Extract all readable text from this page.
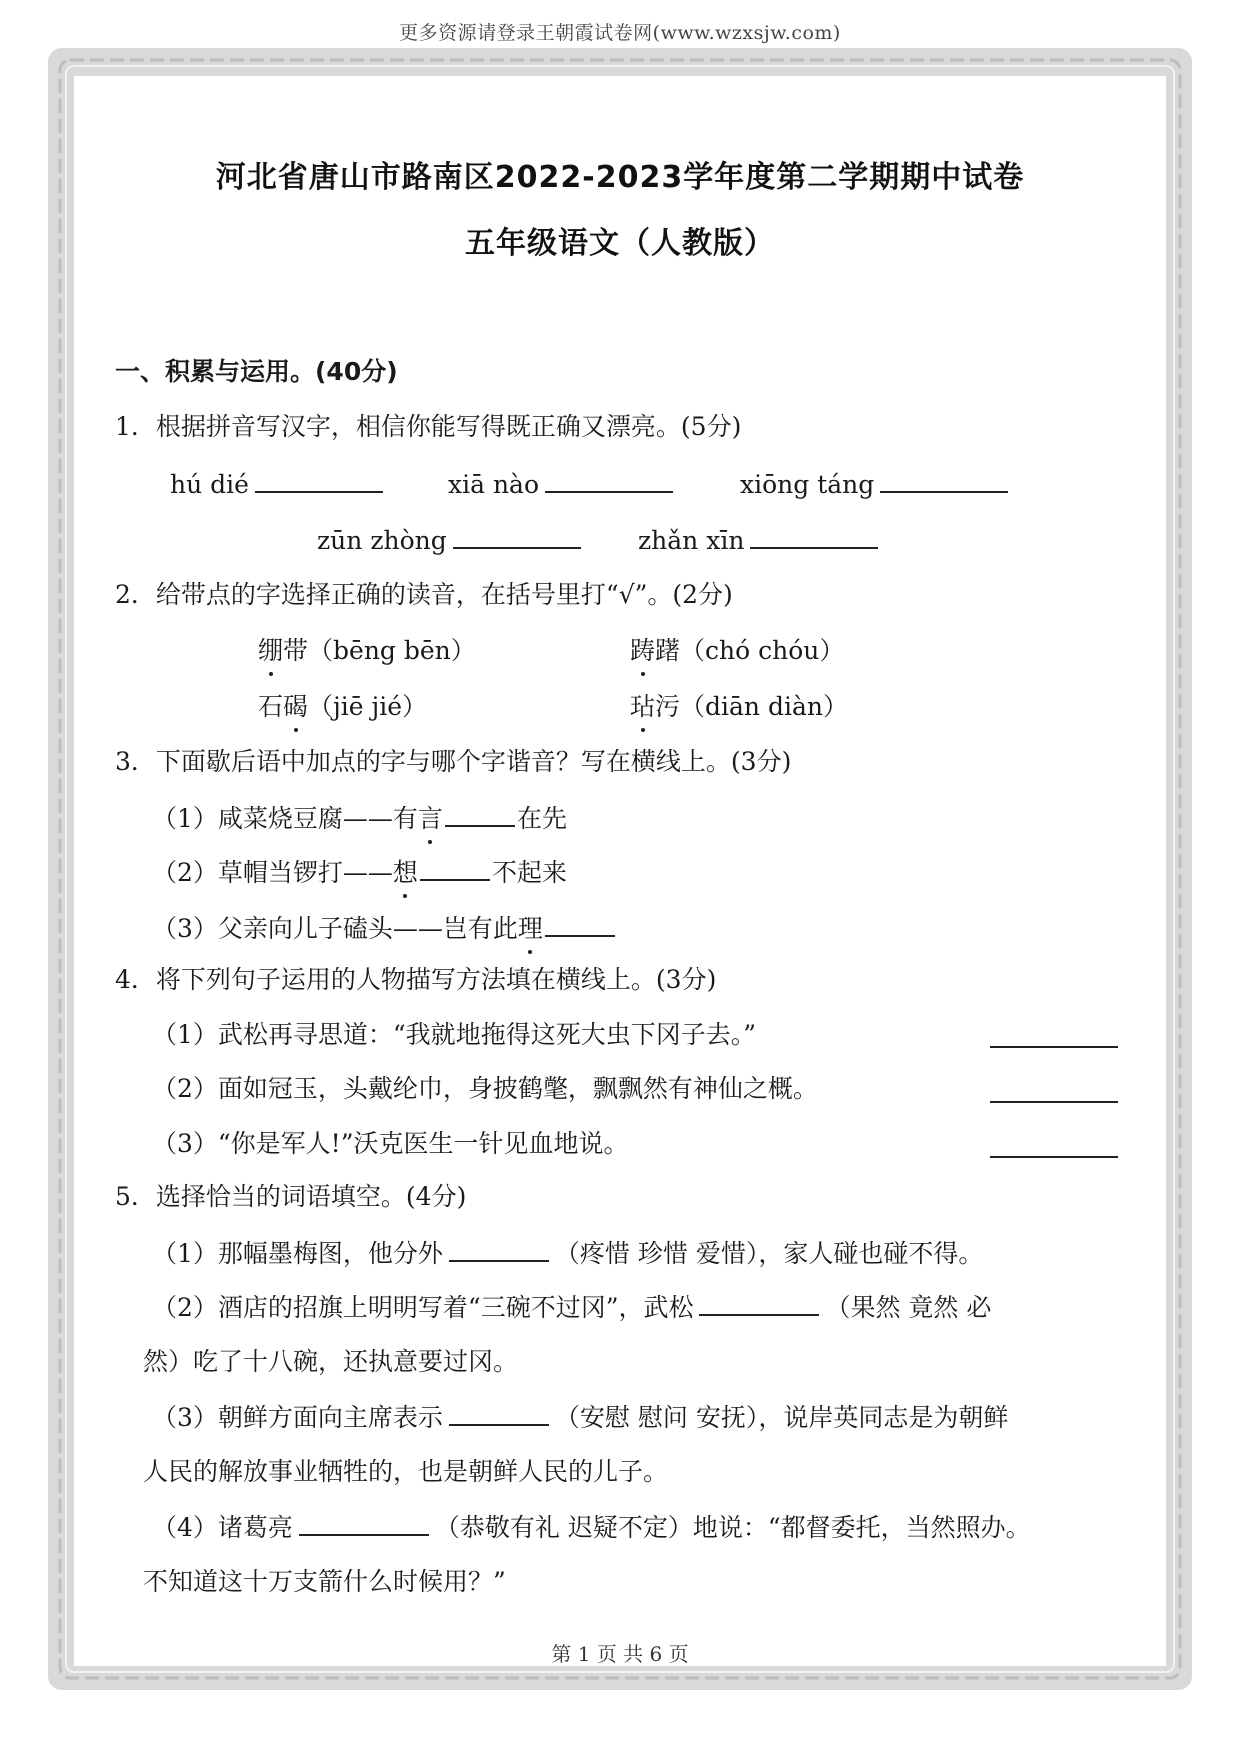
更多资源请登录王朝霞试卷网(www.wzxsjw.com)
河北省唐山市路南区2022-2023学年度第二学期期中试卷
五年级语文（人教版）
一、积累与运用。(40分)
1．根据拼音写汉字，相信你能写得既正确又漂亮。(5分)
hú dié	xiā nào	xiōng táng
zūn zhòng	zhǎn xīn
2．给带点的字选择正确的读音，在括号里打“√”。(2分)
绷带（bēng bēn）	踌躇（chó chóu）
石碣（jiē jié）	玷污（diān diàn）
3．下面歇后语中加点的字与哪个字谐音？写在横线上。(3分)
（1）咸菜烧豆腐——有言	在先
（2）草帽当锣打——想	不起来
（3）父亲向儿子磕头——岂有此理
4．将下列句子运用的人物描写方法填在横线上。(3分)
（1）武松再寻思道：“我就地拖得这死大虫下冈子去。”
（2）面如冠玉，头戴纶巾，身披鹤氅，飘飘然有神仙之概。
（3）“你是军人!”沃克医生一针见血地说。
5．选择恰当的词语填空。(4分)
（1）那幅墨梅图，他分外	（疼惜 珍惜 爱惜），家人碰也碰不得。
（2）酒店的招旗上明明写着“三碗不过冈”，武松	（果然 竟然 必
然）吃了十八碗，还执意要过冈。
（3）朝鲜方面向主席表示	（安慰 慰问 安抚），说岸英同志是为朝鲜
人民的解放事业牺牲的，也是朝鲜人民的儿子。
（4）诸葛亮	（恭敬有礼 迟疑不定）地说：“都督委托，当然照办。
不知道这十万支箭什么时候用？”
第 1 页 共 6 页
